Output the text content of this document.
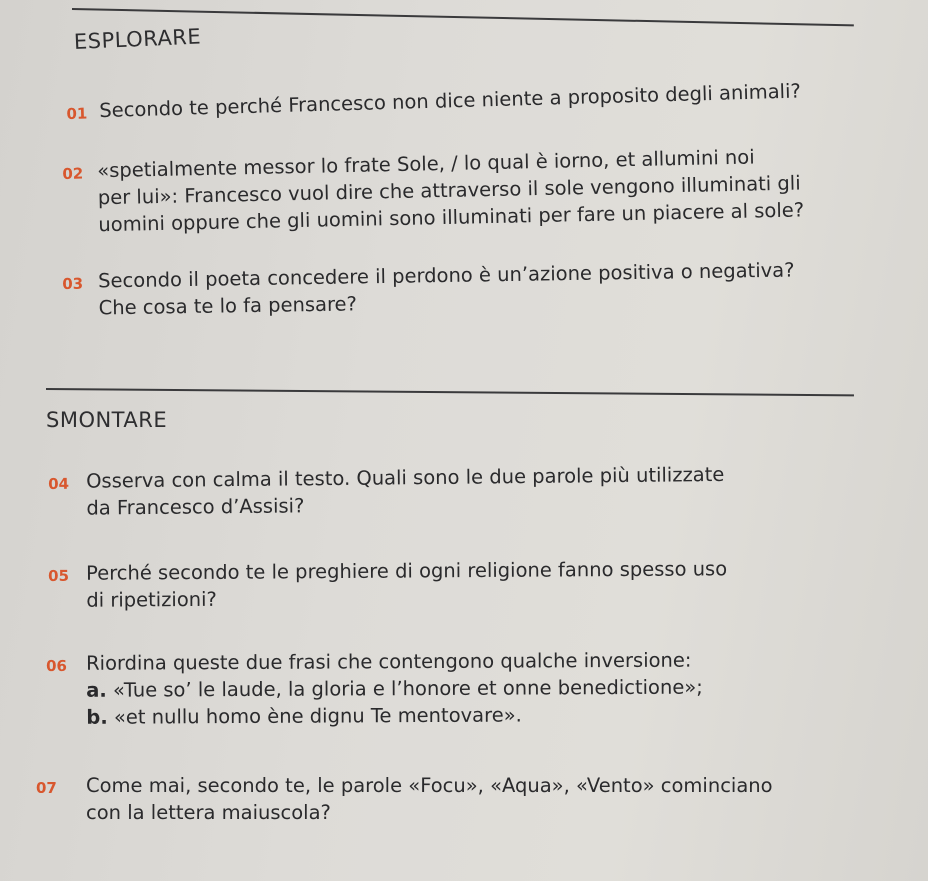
ESPLORARE
01 Secondo te perché Francesco non dice niente a proposito degli animali?
02 «spetialmente messor lo frate Sole, / lo qual è iorno, et allumini noi
per lui»: Francesco vuol dire che attraverso il sole vengono illuminati gli
uomini oppure che gli uomini sono illuminati per fare un piacere al sole?
03 Secondo il poeta concedere il perdono è un’azione positiva o negativa?
Che cosa te lo fa pensare?
SMONTARE
04 Osserva con calma il testo. Quali sono le due parole più utilizzate
da Francesco d’Assisi?
05 Perché secondo te le preghiere di ogni religione fanno spesso uso
di ripetizioni?
06 Riordina queste due frasi che contengono qualche inversione:
a. «Tue so’ le laude, la gloria e l’honore et onne benedictione»;
b. «et nullu homo ène dignu Te mentovare».
07 Come mai, secondo te, le parole «Focu», «Aqua», «Vento» cominciano
con la lettera maiuscola?
